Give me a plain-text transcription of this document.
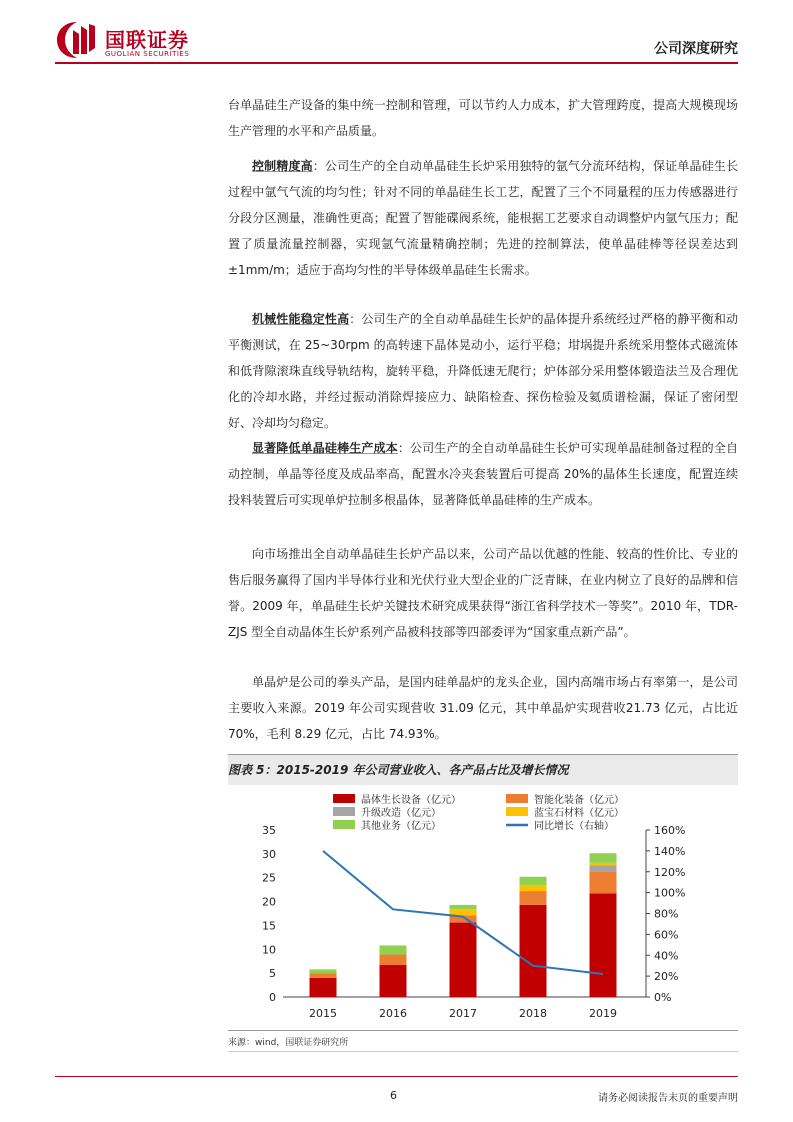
国联证券
GUOLIAN SECURITIES	公司深度研究

台单晶硅生产设备的集中统一控制和管理，可以节约人力成本，扩大管理跨度，提高大规模现场生产管理的水平和产品质量。

控制精度高：公司生产的全自动单晶硅生长炉采用独特的氩气分流环结构，保证单晶硅生长过程中氩气气流的均匀性；针对不同的单晶硅生长工艺，配置了三个不同量程的压力传感器进行分段分区测量，准确性更高；配置了智能碟阀系统，能根据工艺要求自动调整炉内氩气压力；配置了质量流量控制器，实现氩气流量精确控制；先进的控制算法，使单晶硅棒等径误差达到±1mm/m；适应于高均匀性的半导体级单晶硅生长需求。

机械性能稳定性高：公司生产的全自动单晶硅生长炉的晶体提升系统经过严格的静平衡和动平衡测试，在 25~30rpm 的高转速下晶体晃动小，运行平稳；坩埚提升系统采用整体式磁流体和低背隙滚珠直线导轨结构，旋转平稳，升降低速无爬行；炉体部分采用整体锻造法兰及合理优化的冷却水路，并经过振动消除焊接应力、缺陷检查、探伤检验及氦质谱检漏，保证了密闭型好、冷却均匀稳定。

显著降低单晶硅棒生产成本：公司生产的全自动单晶硅生长炉可实现单晶硅制备过程的全自动控制，单晶等径度及成品率高，配置水冷夹套装置后可提高 20%的晶体生长速度，配置连续投料装置后可实现单炉拉制多根晶体，显著降低单晶硅棒的生产成本。

向市场推出全自动单晶硅生长炉产品以来，公司产品以优越的性能、较高的性价比、专业的售后服务赢得了国内半导体行业和光伏行业大型企业的广泛青睐，在业内树立了良好的品牌和信誉。2009 年，单晶硅生长炉关键技术研究成果获得“浙江省科学技术一等奖”。2010 年，TDR-ZJS 型全自动晶体生长炉系列产品被科技部等四部委评为“国家重点新产品”。

单晶炉是公司的拳头产品，是国内硅单晶炉的龙头企业，国内高端市场占有率第一，是公司主要收入来源。2019 年公司实现营收 31.09 亿元，其中单晶炉实现营收21.73 亿元，占比近 70%，毛利 8.29 亿元，占比 74.93%。

图表 5：2015-2019 年公司营业收入、各产品占比及增长情况
0
5
10
15
20
25
30
35
0%
20%
40%
60%
80%
100%
120%
140%
160%
2015	2016	2017	2018	2019
晶体生长设备（亿元）	智能化装备（亿元）
升级改造（亿元）	蓝宝石材料（亿元）
其他业务（亿元）	同比增长（右轴）
来源：wind，国联证券研究所
6	请务必阅读报告末页的重要声明
